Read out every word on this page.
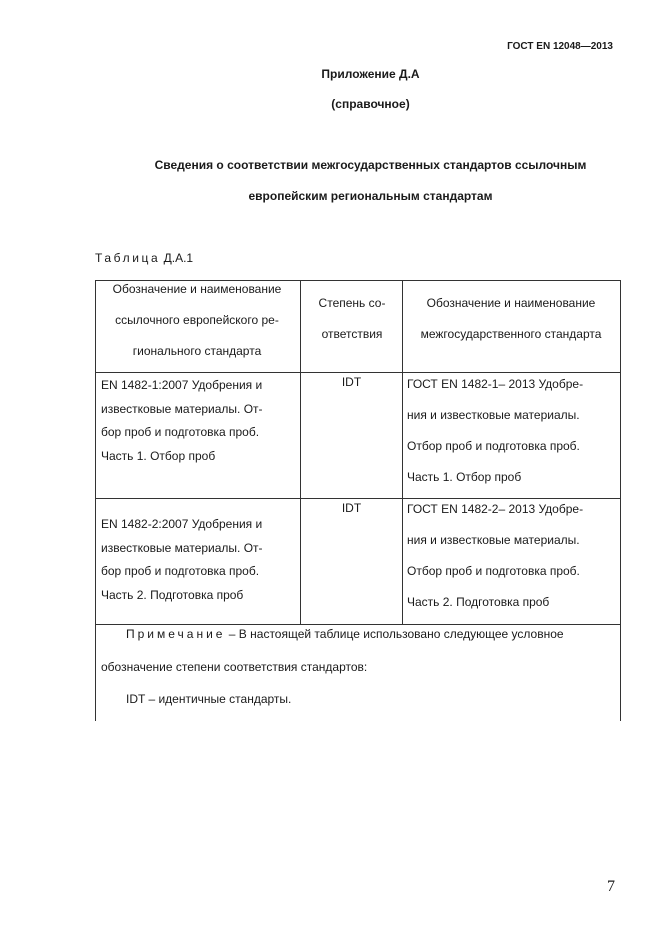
ГОСТ EN 12048—2013
Приложение Д.А
(справочное)
Сведения о соответствии межгосударственных стандартов ссылочным
европейским региональным стандартам
Таблица Д.А.1
Обозначение и наименование
ссылочного европейского ре-
гионального стандарта
Степень со-
ответствия
Обозначение и наименование
межгосударственного стандарта
EN 1482-1:2007 Удобрения и
известковые материалы. От-
бор проб и подготовка проб.
Часть 1. Отбор проб
IDT	ГОСТ EN 1482-1– 2013 Удобре-
ния и известковые материалы.
Отбор проб и подготовка проб.
Часть 1. Отбор проб
EN 1482-2:2007 Удобрения и
известковые материалы. От-
бор проб и подготовка проб.
Часть 2. Подготовка проб
IDT	ГОСТ EN 1482-2– 2013 Удобре-
ния и известковые материалы.
Отбор проб и подготовка проб.
Часть 2. Подготовка проб
Примечание – В настоящей таблице использовано следующее условное
обозначение степени соответствия стандартов:
IDT – идентичные стандарты.
7
